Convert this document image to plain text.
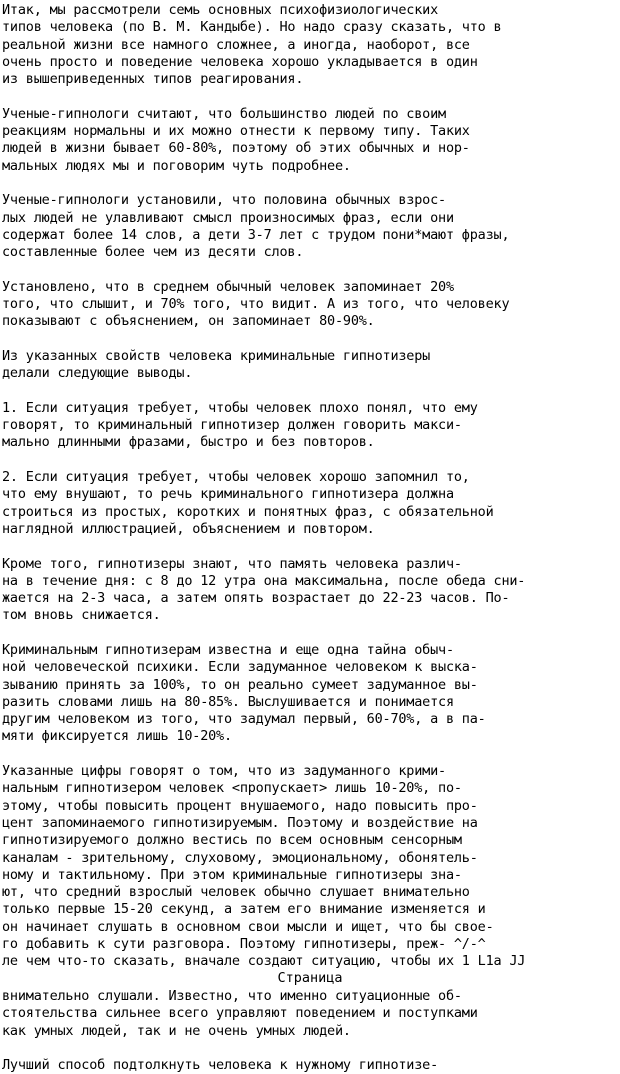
Итак, мы рассмотрели семь основных психофизиологических
типов человека (по В. М. Кандыбе). Но надо сразу сказать, что в
реальной жизни все намного сложнее, а иногда, наоборот, все
очень просто и поведение человека хорошо укладывается в один
из вышеприведенных типов реагирования.
Ученые-гипнологи считают, что большинство людей по своим
реакциям нормальны и их можно отнести к первому типу. Таких
людей в жизни бывает 60-80%, поэтому об этих обычных и нор-
мальных людях мы и поговорим чуть подробнее.
Ученые-гипнологи установили, что половина обычных взрос-
лых людей не улавливают смысл произносимых фраз, если они
содержат более 14 слов, а дети 3-7 лет с трудом пони*мают фразы,
составленные более чем из десяти слов.
Установлено, что в среднем обычный человек запоминает 20%
того, что слышит, и 70% того, что видит. А из того, что человеку
показывают с объяснением, он запоминает 80-90%.
Из указанных свойств человека криминальные гипнотизеры
делали следующие выводы.
1. Если ситуация требует, чтобы человек плохо понял, что ему
говорят, то криминальный гипнотизер должен говорить макси-
мально длинными фразами, быстро и без повторов.
2. Если ситуация требует, чтобы человек хорошо запомнил то,
что ему внушают, то речь криминального гипнотизера должна
строиться из простых, коротких и понятных фраз, с обязательной
наглядной иллюстрацией, объяснением и повтором.
Кроме того, гипнотизеры знают, что память человека различ-
на в течение дня: с 8 до 12 утра она максимальна, после обеда сни-
жается на 2-3 часа, а затем опять возрастает до 22-23 часов. По-
том вновь снижается.
Криминальным гипнотизерам известна и еще одна тайна обыч-
ной человеческой психики. Если задуманное человеком к выска-
зыванию принять за 100%, то он реально сумеет задуманное вы-
разить словами лишь на 80-85%. Выслушивается и понимается
другим человеком из того, что задумал первый, 60-70%, а в па-
мяти фиксируется лишь 10-20%.
Указанные цифры говорят о том, что из задуманного крими-
нальным гипнотизером человек <пропускает> лишь 10-20%, по-
этому, чтобы повысить процент внушаемого, надо повысить про-
цент запоминаемого гипнотизируемым. Поэтому и воздействие на
гипнотизируемого должно вестись по всем основным сенсорным
каналам - зрительному, слуховому, эмоциональному, обонятель-
ному и тактильному. При этом криминальные гипнотизеры зна-
ют, что средний взрослый человек обычно слушает внимательно
только первые 15-20 секунд, а затем его внимание изменяется и
он начинает слушать в основном свои мысли и ищет, что бы свое-
го добавить к сути разговора. Поэтому гипнотизеры, преж- ^/-^
ле чем что-то сказать, вначале создают ситуацию, чтобы их 1 L1a JJ
внимательно слушали. Известно, что именно ситуационные об-
стоятельства сильнее всего управляют поведением и поступками
как умных людей, так и не очень умных людей.
Лучший способ подтолкнуть человека к нужному гипнотизе-
Страница
